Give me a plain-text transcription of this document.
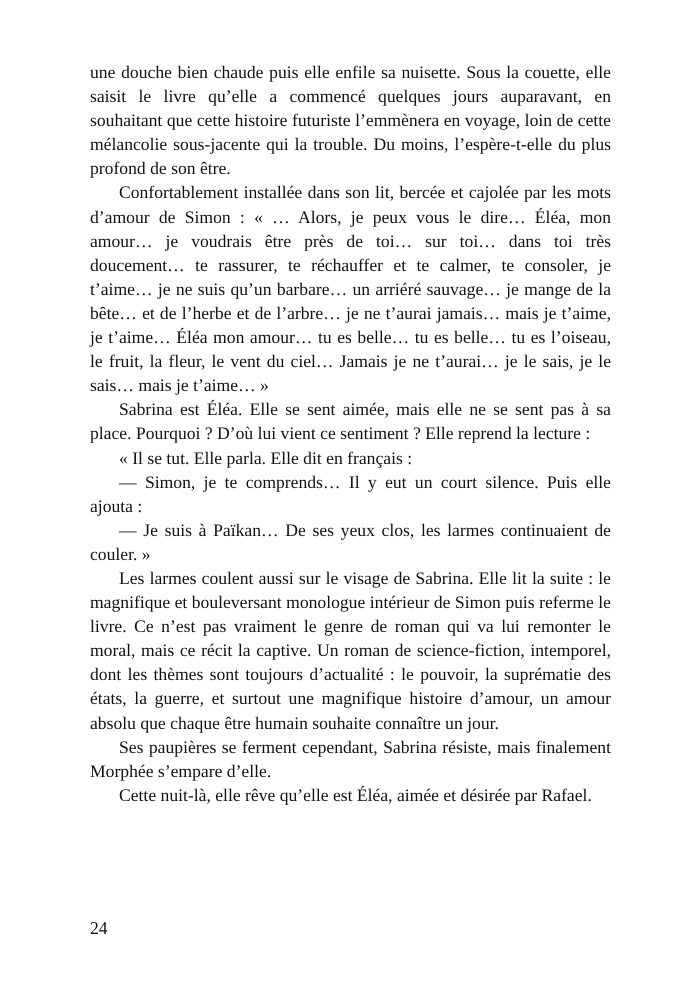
une douche bien chaude puis elle enfile sa nuisette. Sous la couette, elle saisit le livre qu’elle a commencé quelques jours auparavant, en souhaitant que cette histoire futuriste l’emmènera en voyage, loin de cette mélancolie sous-jacente qui la trouble. Du moins, l’espère-t-elle du plus profond de son être.

Confortablement installée dans son lit, bercée et cajolée par les mots d’amour de Simon : « … Alors, je peux vous le dire… Éléa, mon amour… je voudrais être près de toi… sur toi… dans toi très doucement… te rassurer, te réchauffer et te calmer, te consoler, je t’aime… je ne suis qu’un barbare… un arriéré sauvage… je mange de la bête… et de l’herbe et de l’arbre… je ne t’aurai jamais… mais je t’aime, je t’aime… Éléa mon amour… tu es belle… tu es belle… tu es l’oiseau, le fruit, la fleur, le vent du ciel… Jamais je ne t’aurai… je le sais, je le sais… mais je t’aime… »

Sabrina est Éléa. Elle se sent aimée, mais elle ne se sent pas à sa place. Pourquoi ? D’où lui vient ce sentiment ? Elle reprend la lecture :

« Il se tut. Elle parla. Elle dit en français :

— Simon, je te comprends… Il y eut un court silence. Puis elle ajouta :

— Je suis à Païkan… De ses yeux clos, les larmes continuaient de couler. »

Les larmes coulent aussi sur le visage de Sabrina. Elle lit la suite : le magnifique et bouleversant monologue intérieur de Simon puis referme le livre. Ce n’est pas vraiment le genre de roman qui va lui remonter le moral, mais ce récit la captive. Un roman de science-fiction, intemporel, dont les thèmes sont toujours d’actualité : le pouvoir, la suprématie des états, la guerre, et surtout une magnifique histoire d’amour, un amour absolu que chaque être humain souhaite connaître un jour.

Ses paupières se ferment cependant, Sabrina résiste, mais finalement Morphée s’empare d’elle.

Cette nuit-là, elle rêve qu’elle est Éléa, aimée et désirée par Rafael.

24
